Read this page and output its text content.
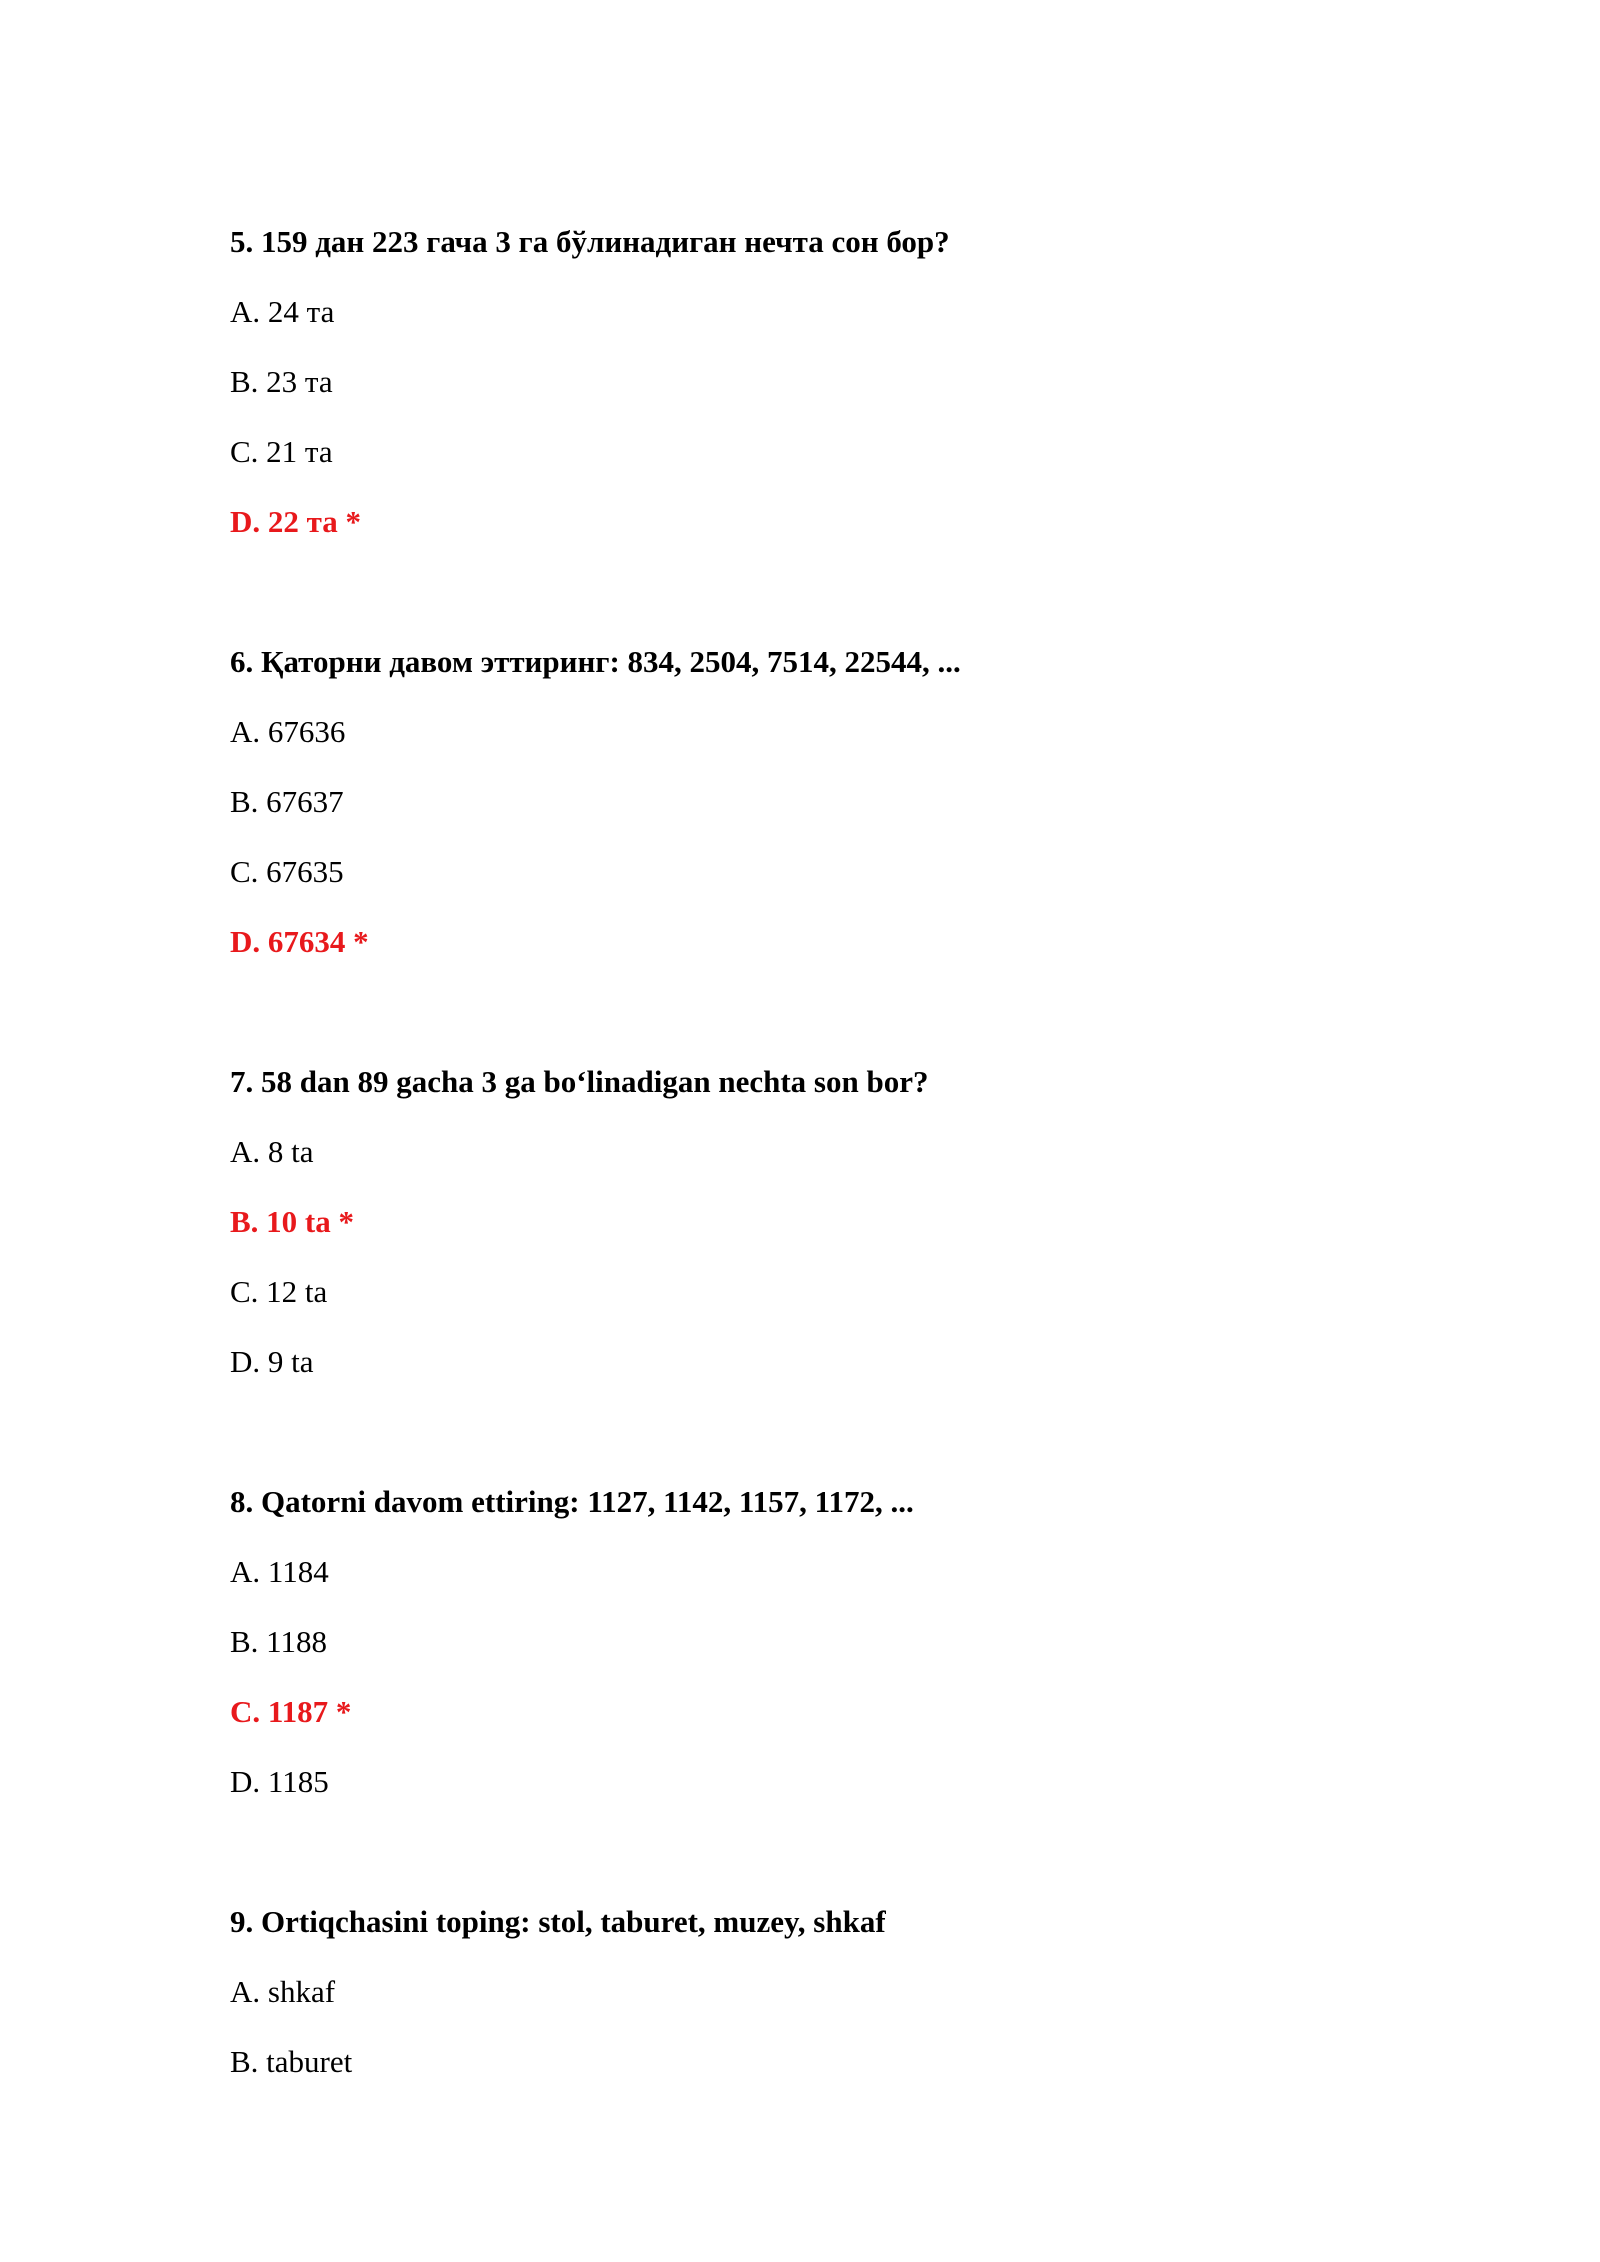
5. 159 дан 223 гача 3 га бўлинадиган нечта сон бор?
A. 24 та
B. 23 та
C. 21 та
D. 22 та *
6. Қаторни давом эттиринг: 834, 2504, 7514, 22544, ...
A. 67636
B. 67637
C. 67635
D. 67634 *
7. 58 dan 89 gacha 3 ga bo‘linadigan nechta son bor?
A. 8 ta
B. 10 ta *
C. 12 ta
D. 9 ta
8. Qatorni davom ettiring: 1127, 1142, 1157, 1172, ...
A. 1184
B. 1188
C. 1187 *
D. 1185
9. Ortiqchasini toping: stol, taburet, muzey, shkaf
A. shkaf
B. taburet
